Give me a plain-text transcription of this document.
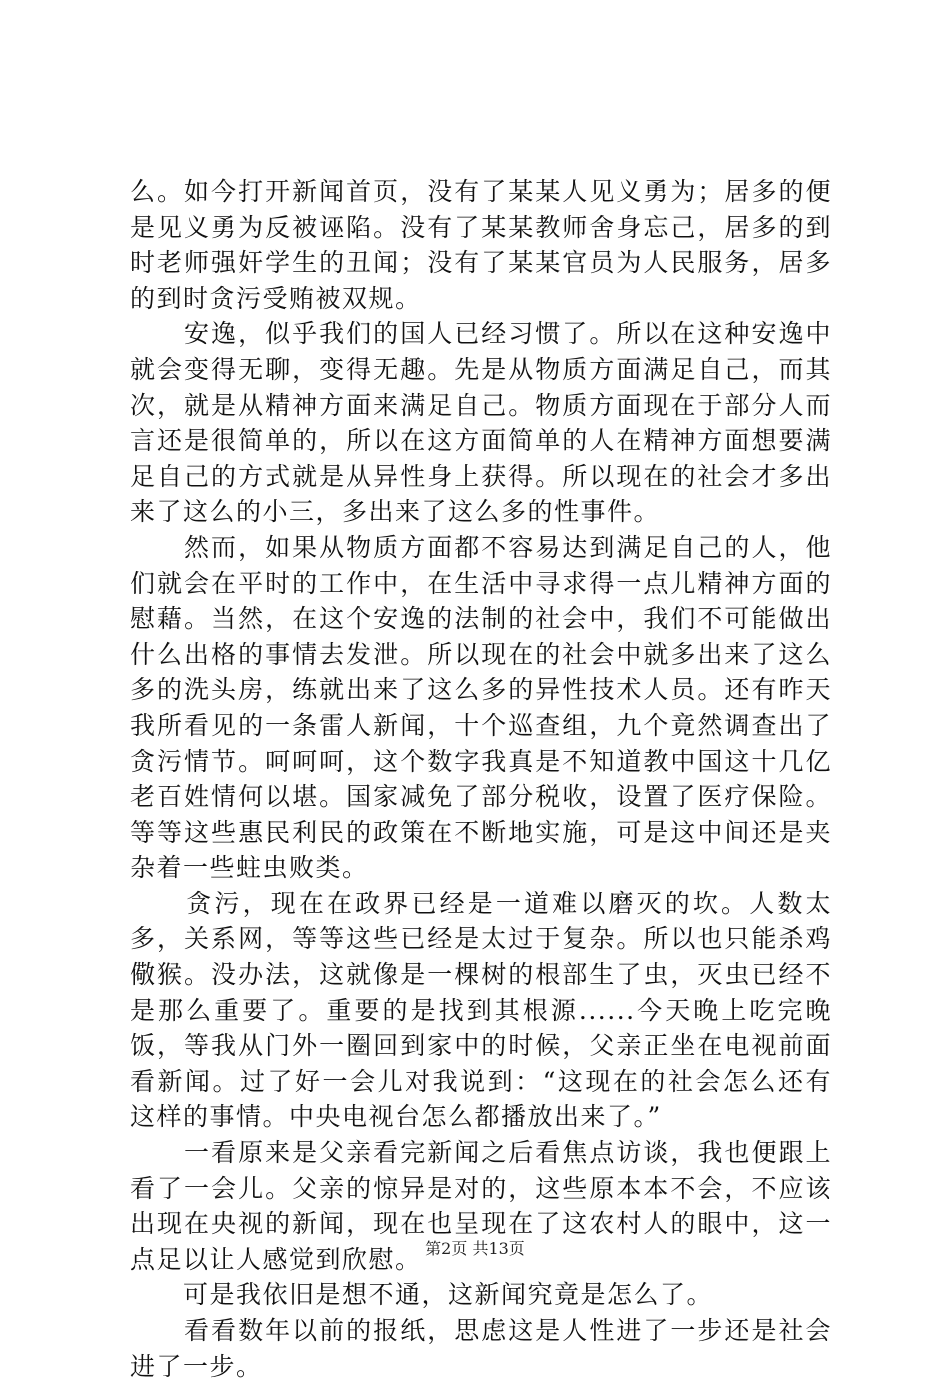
么。如今打开新闻首页，没有了某某人见义勇为；居多的便是见义勇为反被诬陷。没有了某某教师舍身忘己，居多的到时老师强奸学生的丑闻；没有了某某官员为人民服务，居多的到时贪污受贿被双规。

　　安逸，似乎我们的国人已经习惯了。所以在这种安逸中就会变得无聊，变得无趣。先是从物质方面满足自己，而其次，就是从精神方面来满足自己。物质方面现在于部分人而言还是很简单的，所以在这方面简单的人在精神方面想要满足自己的方式就是从异性身上获得。所以现在的社会才多出来了这么的小三，多出来了这么多的性事件。

　　然而，如果从物质方面都不容易达到满足自己的人，他们就会在平时的工作中，在生活中寻求得一点儿精神方面的慰藉。当然，在这个安逸的法制的社会中，我们不可能做出什么出格的事情去发泄。所以现在的社会中就多出来了这么多的洗头房，练就出来了这么多的异性技术人员。还有昨天我所看见的一条雷人新闻，十个巡查组，九个竟然调查出了贪污情节。呵呵呵，这个数字我真是不知道教中国这十几亿老百姓情何以堪。国家减免了部分税收，设置了医疗保险。等等这些惠民利民的政策在不断地实施，可是这中间还是夹杂着一些蛀虫败类。

　　贪污，现在在政界已经是一道难以磨灭的坎。人数太多，关系网，等等这些已经是太过于复杂。所以也只能杀鸡儆猴。没办法，这就像是一棵树的根部生了虫，灭虫已经不是那么重要了。重要的是找到其根源......今天晚上吃完晚饭，等我从门外一圈回到家中的时候，父亲正坐在电视前面看新闻。过了好一会儿对我说到：“这现在的社会怎么还有这样的事情。中央电视台怎么都播放出来了。”

　　一看原来是父亲看完新闻之后看焦点访谈，我也便跟上看了一会儿。父亲的惊异是对的，这些原本本不会，不应该出现在央视的新闻，现在也呈现在了这农村人的眼中，这一点足以让人感觉到欣慰。

　　可是我依旧是想不通，这新闻究竟是怎么了。

　　看看数年以前的报纸，思虑这是人性进了一步还是社会进了一步。

第2页 共13页
